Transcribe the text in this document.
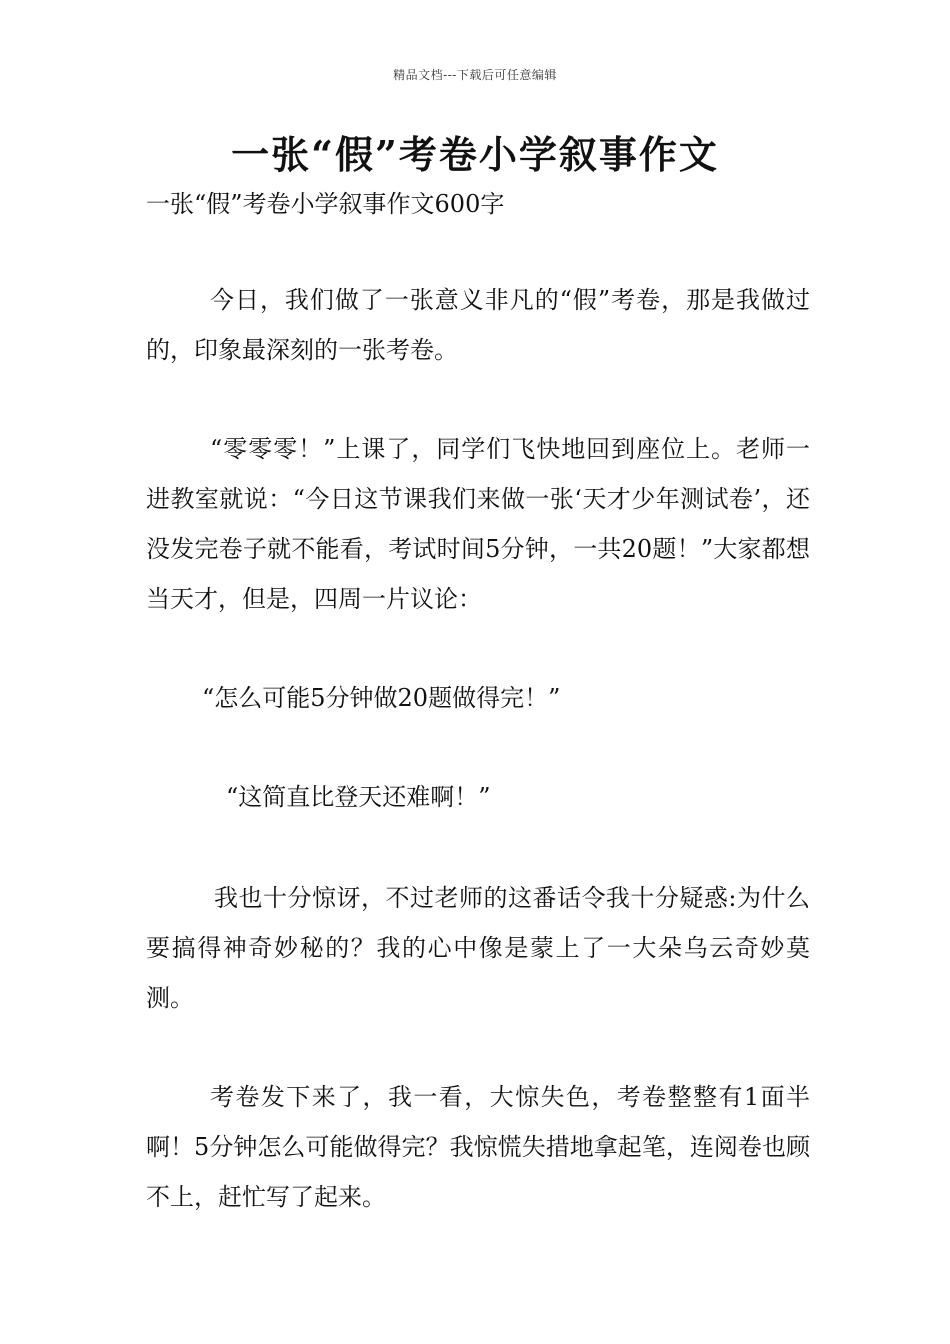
精品文档---下载后可任意编辑
一张“假”考卷小学叙事作文
一张“假”考卷小学叙事作文600字

今日，我们做了一张意义非凡的“假”考卷，那是我做过的，印象最深刻的一张考卷。

“零零零！”上课了，同学们飞快地回到座位上。老师一进教室就说：“今日这节课我们来做一张‘天才少年测试卷’，还没发完卷子就不能看，考试时间5分钟，一共20题！”大家都想当天才，但是，四周一片议论：

“怎么可能5分钟做20题做得完！”

“这简直比登天还难啊！”

我也十分惊讶，不过老师的这番话令我十分疑惑:为什么要搞得神奇妙秘的？我的心中像是蒙上了一大朵乌云奇妙莫测。

考卷发下来了，我一看，大惊失色，考卷整整有1面半啊！5分钟怎么可能做得完？我惊慌失措地拿起笔，连阅卷也顾不上，赶忙写了起来。
